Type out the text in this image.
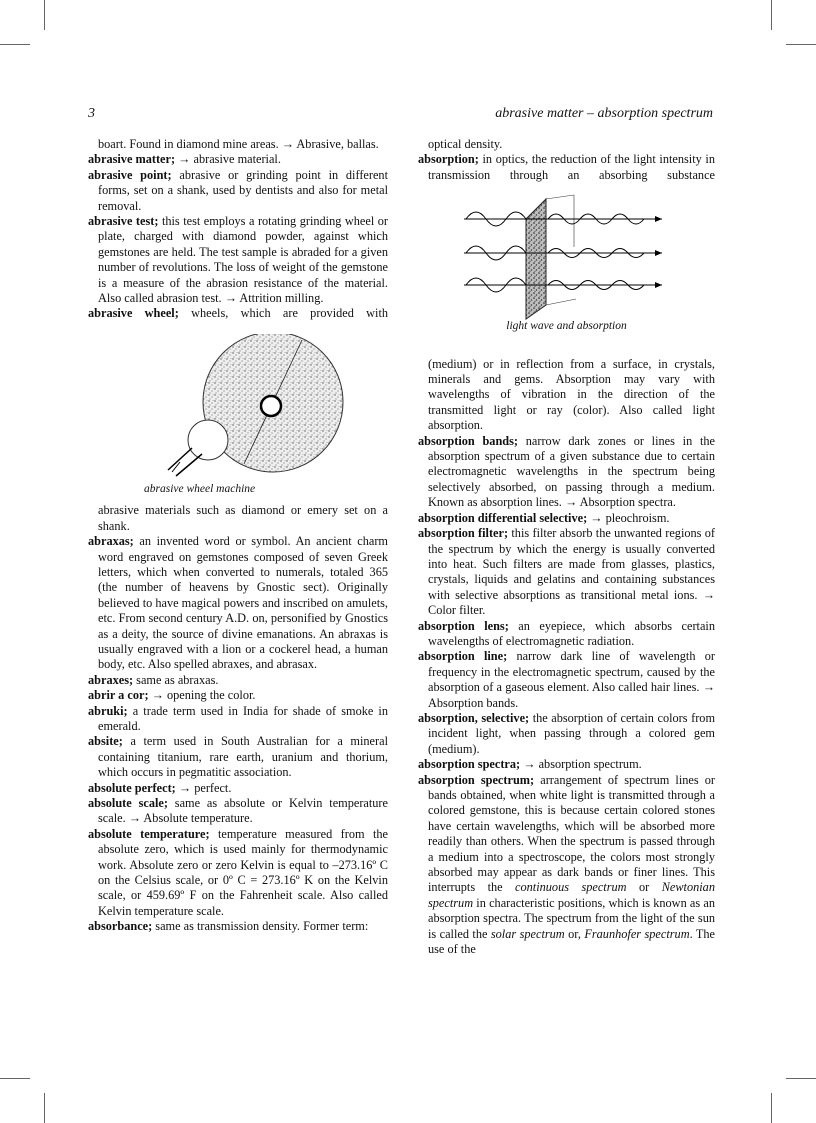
3	abrasive matter – absorption spectrum

boart. Found in diamond mine areas. → Abrasive, ballas.

abrasive matter; → abrasive material.

abrasive point; abrasive or grinding point in different forms, set on a shank, used by dentists and also for metal removal.

abrasive test; this test employs a rotating grinding wheel or plate, charged with diamond powder, against which gemstones are held. The test sample is abraded for a given number of revolutions. The loss of weight of the gemstone is a measure of the abrasion resistance of the material. Also called abrasion test. → Attrition milling.

abrasive wheel; wheels, which are provided with

abrasive wheel machine

abrasive materials such as diamond or emery set on a shank.

abraxas; an invented word or symbol. An ancient charm word engraved on gemstones composed of seven Greek letters, which when converted to numerals, totaled 365 (the number of heavens by Gnostic sect). Originally believed to have magical powers and inscribed on amulets, etc. From second century A.D. on, personified by Gnostics as a deity, the source of divine emanations. An abraxas is usually engraved with a lion or a cockerel head, a human body, etc. Also spelled abraxes, and abrasax.

abraxes; same as abraxas.

abrir a cor; → opening the color.

abruki; a trade term used in India for shade of smoke in emerald.

absite; a term used in South Australian for a mineral containing titanium, rare earth, uranium and thorium, which occurs in pegmatitic association.

absolute perfect; → perfect.

absolute scale; same as absolute or Kelvin temperature scale. → Absolute temperature.

absolute temperature; temperature measured from the absolute zero, which is used mainly for thermodynamic work. Absolute zero or zero Kelvin is equal to –273.16º C on the Celsius scale, or 0º C = 273.16º K on the Kelvin scale, or 459.69º F on the Fahrenheit scale. Also called Kelvin temperature scale.

absorbance; same as transmission density. Former term:

optical density.

absorption; in optics, the reduction of the light intensity in transmission through an absorbing substance

light wave and absorption

(medium) or in reflection from a surface, in crystals, minerals and gems. Absorption may vary with wavelengths of vibration in the direction of the transmitted light or ray (color). Also called light absorption.

absorption bands; narrow dark zones or lines in the absorption spectrum of a given substance due to certain electromagnetic wavelengths in the spectrum being selectively absorbed, on passing through a medium. Known as absorption lines. → Absorption spectra.

absorption differential selective; → pleochroism.

absorption filter; this filter absorb the unwanted regions of the spectrum by which the energy is usually converted into heat. Such filters are made from glasses, plastics, crystals, liquids and gelatins and containing substances with selective absorptions as transitional metal ions. → Color filter.

absorption lens; an eyepiece, which absorbs certain wavelengths of electromagnetic radiation.

absorption line; narrow dark line of wavelength or frequency in the electromagnetic spectrum, caused by the absorption of a gaseous element. Also called hair lines. → Absorption bands.

absorption, selective; the absorption of certain colors from incident light, when passing through a colored gem (medium).

absorption spectra; → absorption spectrum.

absorption spectrum; arrangement of spectrum lines or bands obtained, when white light is transmitted through a colored gemstone, this is because certain colored stones have certain wavelengths, which will be absorbed more readily than others. When the spectrum is passed through a medium into a spectroscope, the colors most strongly absorbed may appear as dark bands or finer lines. This interrupts the continuous spectrum or Newtonian spectrum in characteristic positions, which is known as an absorption spectra. The spectrum from the light of the sun is called the solar spectrum or, Fraunhofer spectrum. The use of the
